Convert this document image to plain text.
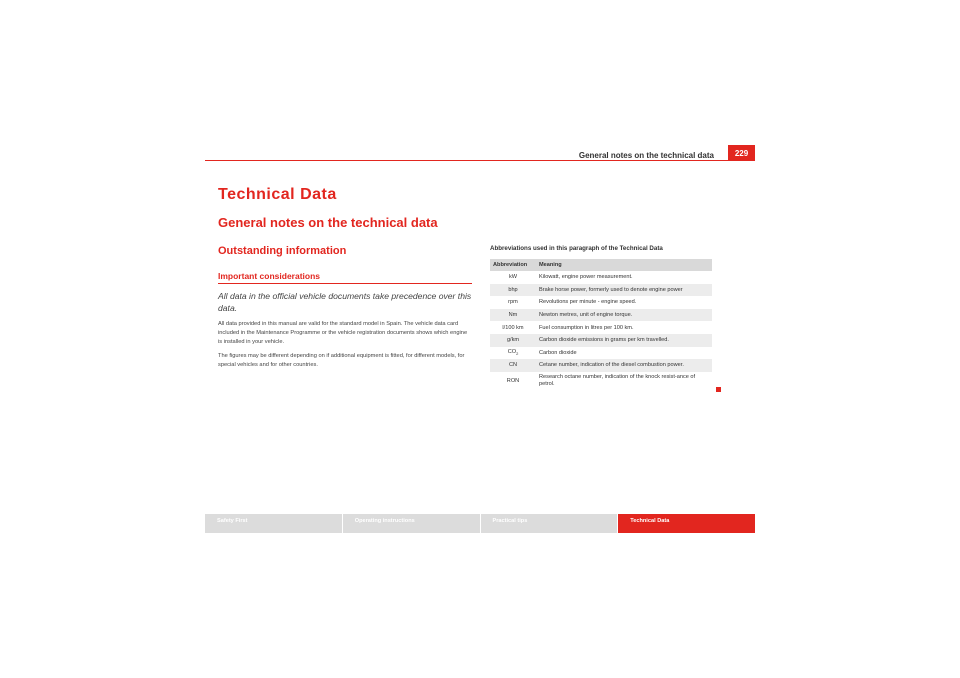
General notes on the technical data	229
Technical Data
General notes on the technical data
Outstanding information
Important considerations

All data in the official vehicle documents take precedence over this data.

All data provided in this manual are valid for the standard model in Spain. The vehicle data card included in the Maintenance Programme or the vehicle registration documents shows which engine is installed in your vehicle.

The figures may be different depending on if additional equipment is fitted, for different models, for special vehicles and for other countries.

Abbreviations used in this paragraph of the Technical Data

Abbreviation	Meaning
kW	Kilowatt, engine power measurement.
bhp	Brake horse power, formerly used to denote engine power
rpm	Revolutions per minute - engine speed.
Nm	Newton metres, unit of engine torque.
l/100 km	Fuel consumption in litres per 100 km.
g/km	Carbon dioxide emissions in grams per km travelled.
$CO_2$	Carbon dioxide
CN	Cetane number, indication of the diesel combustion power.
RON	Research octane number, indication of the knock resist-ance of petrol.
Safety First	Operating instructions	Practical tips	Technical Data
